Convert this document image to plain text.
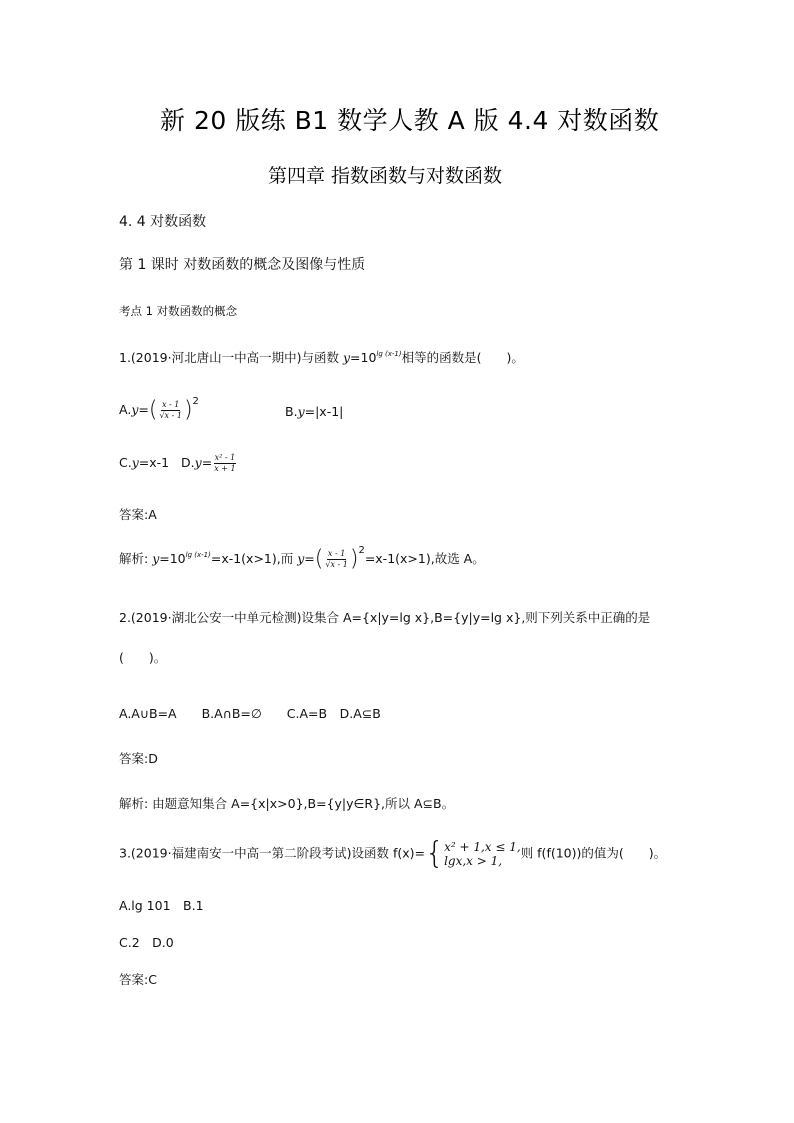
新 20 版练 B1 数学人教 A 版 4.4 对数函数
第四章 指数函数与对数函数
4. 4 对数函数
第 1 课时 对数函数的概念及图像与性质
考点 1 对数函数的概念
1.(2019·河北唐山一中高一期中)与函数 $y=10^{lg (x-1)}$相等的函数是(　　)。
$A.y=( \frac{x - 1}{√x - 1} )^2$
B.y=|x-1|
C.y=x-1 $D.y= \frac{\text{x² - 1}}{x + 1}$
答案:A
解析: $y=10^{lg (x-1)}=x-1(x>1)$,而 $y=( \frac{x - 1}{√x - 1} )^2=x-1(x>1)$,故选 A。
2.(2019·湖北公安一中单元检测)设集合 A={x|y=lg x},B={y|y=lg x},则下列关系中正确的是
(　　)。
A.A∪B=A　　B.A∩B=∅　　C.A=B　D.A⊆B
答案:D
解析: 由题意知集合 A={x|x>0},B={y|y∈R},所以 A⊆B。
3.(2019·福建南安一中高一第二阶段考试)设函数 f(x)={ x² + 1,x ≤ 1,
lgx,x > 1,
则 f(f(10))的值为(　　)。
A.lg 101　B.1
C.2　D.0
答案:C
